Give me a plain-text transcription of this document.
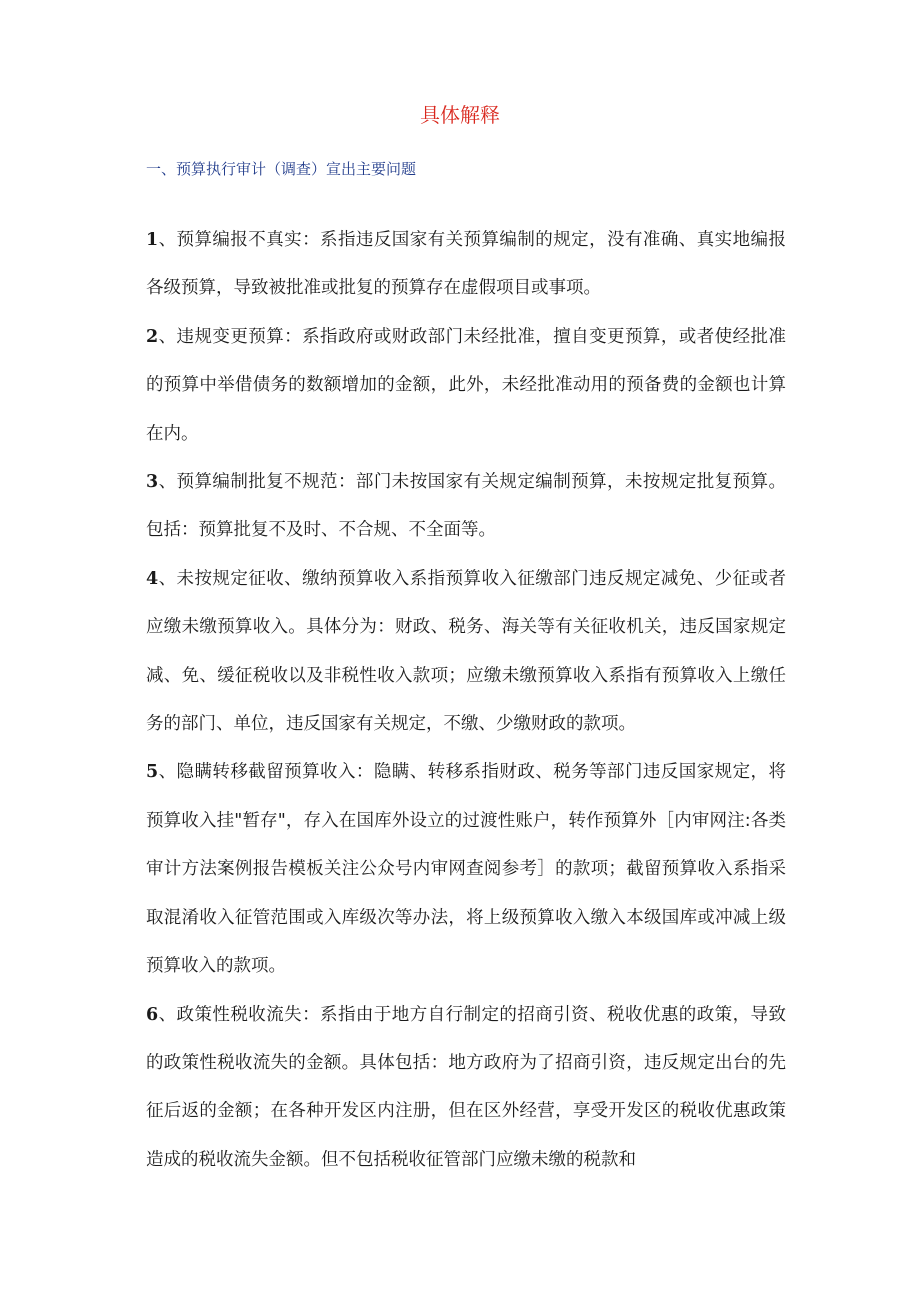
具体解释

一、预算执行审计（调查）宣出主要问题

1、预算编报不真实：系指违反国家有关预算编制的规定，没有准确、真实地编报各级预算，导致被批准或批复的预算存在虚假项目或事项。

2、违规变更预算：系指政府或财政部门未经批准，擅自变更预算，或者使经批准的预算中举借债务的数额增加的金额，此外，未经批准动用的预备费的金额也计算在内。

3、预算编制批复不规范：部门未按国家有关规定编制预算，未按规定批复预算。包括：预算批复不及时、不合规、不全面等。

4、未按规定征收、缴纳预算收入系指预算收入征缴部门违反规定减免、少征或者应缴未缴预算收入。具体分为：财政、税务、海关等有关征收机关，违反国家规定减、免、缓征税收以及非税性收入款项；应缴未缴预算收入系指有预算收入上缴任务的部门、单位，违反国家有关规定，不缴、少缴财政的款项。

5、隐瞒转移截留预算收入：隐瞒、转移系指财政、税务等部门违反国家规定，将预算收入挂"暂存"，存入在国库外设立的过渡性账户，转作预算外［内审网注:各类审计方法案例报告模板关注公众号内审网查阅参考］的款项；截留预算收入系指采取混淆收入征管范围或入库级次等办法，将上级预算收入缴入本级国库或冲减上级预算收入的款项。

6、政策性税收流失：系指由于地方自行制定的招商引资、税收优惠的政策，导致的政策性税收流失的金额。具体包括：地方政府为了招商引资，违反规定出台的先征后返的金额；在各种开发区内注册，但在区外经营，享受开发区的税收优惠政策造成的税收流失金额。但不包括税收征管部门应缴未缴的税款和
